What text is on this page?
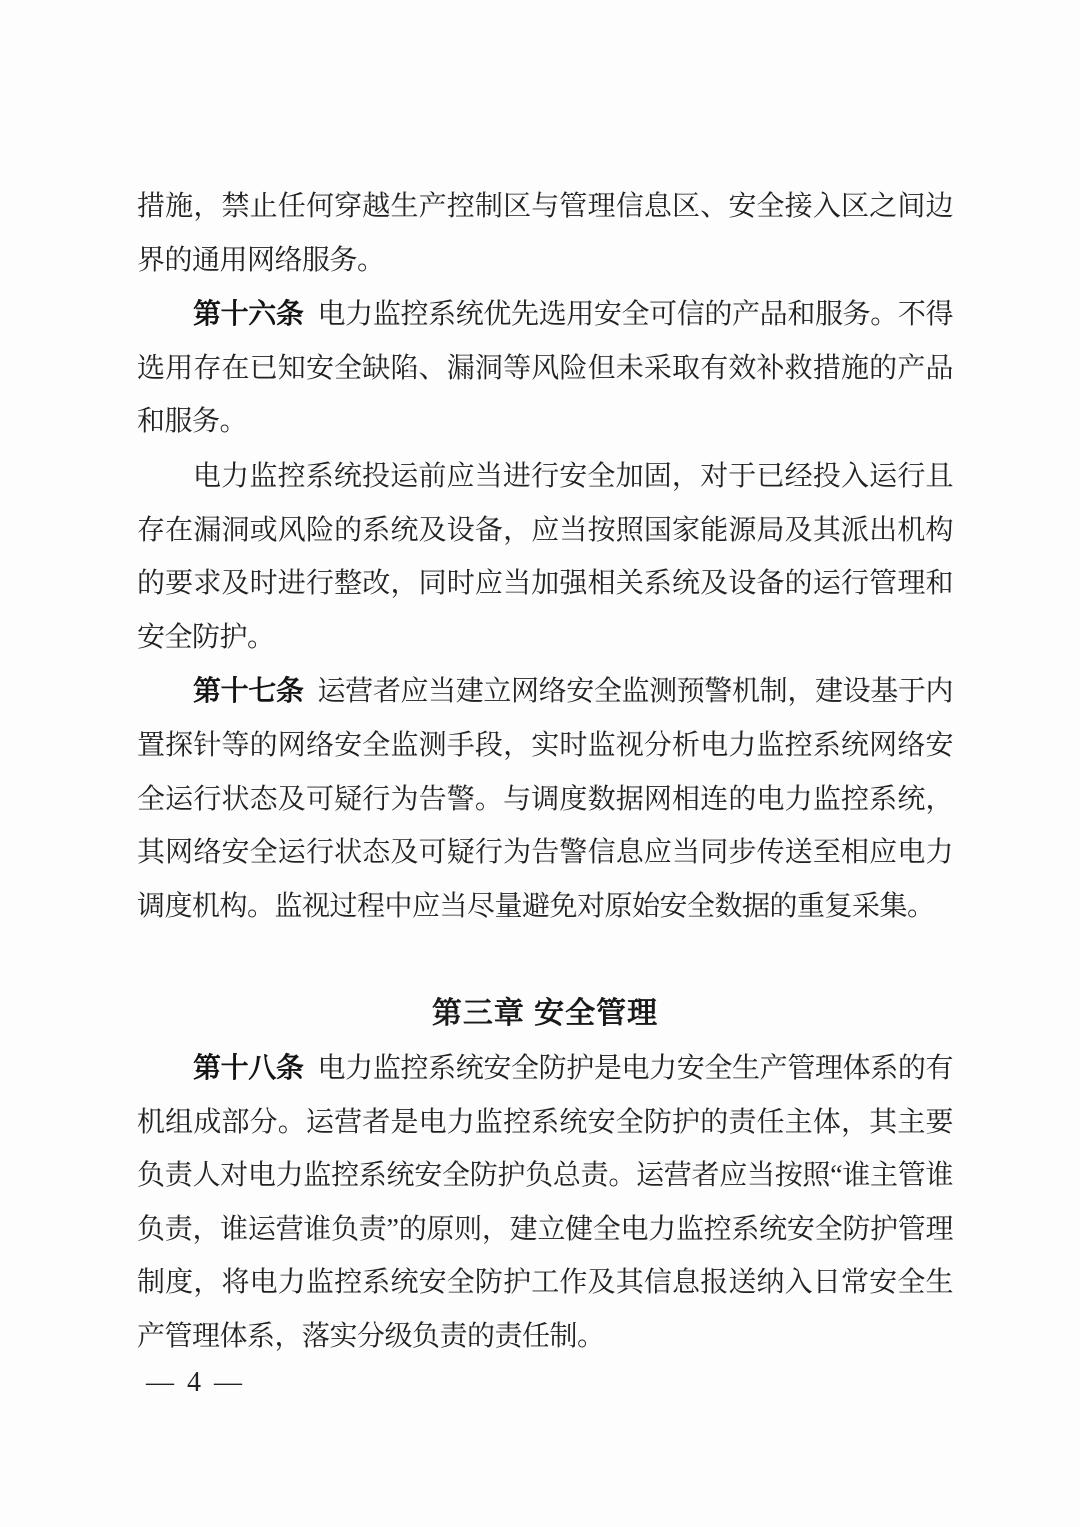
措施，禁止任何穿越生产控制区与管理信息区、安全接入区之间边界的通用网络服务。

第十六条 电力监控系统优先选用安全可信的产品和服务。不得选用存在已知安全缺陷、漏洞等风险但未采取有效补救措施的产品和服务。

电力监控系统投运前应当进行安全加固，对于已经投入运行且存在漏洞或风险的系统及设备，应当按照国家能源局及其派出机构的要求及时进行整改，同时应当加强相关系统及设备的运行管理和安全防护。

第十七条 运营者应当建立网络安全监测预警机制，建设基于内置探针等的网络安全监测手段，实时监视分析电力监控系统网络安全运行状态及可疑行为告警。与调度数据网相连的电力监控系统，其网络安全运行状态及可疑行为告警信息应当同步传送至相应电力调度机构。监视过程中应当尽量避免对原始安全数据的重复采集。

第三章 安全管理

第十八条 电力监控系统安全防护是电力安全生产管理体系的有机组成部分。运营者是电力监控系统安全防护的责任主体，其主要负责人对电力监控系统安全防护负总责。运营者应当按照“谁主管谁负责，谁运营谁负责”的原则，建立健全电力监控系统安全防护管理制度，将电力监控系统安全防护工作及其信息报送纳入日常安全生产管理体系，落实分级负责的责任制。

— 4 —
